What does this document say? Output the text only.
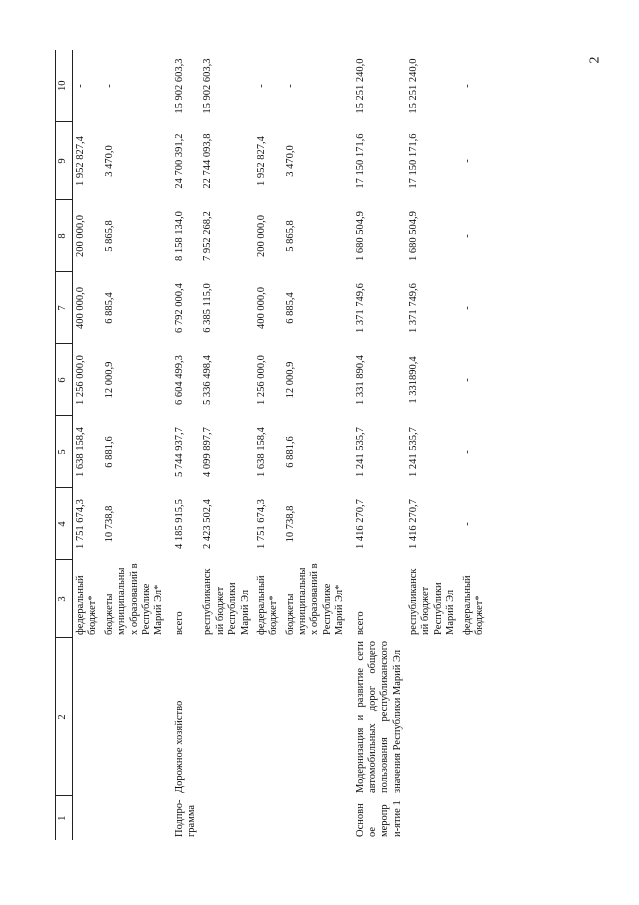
2
1	2	3	4	5	6	7	8	9	10
		федеральный бюджет*	1 751 674,3	1 638 158,4	1 256 000,0	400 000,0	200 000,0	1 952 827,4	-
		бюджеты муниципальных образований в Республике Марий Эл*	10 738,8	6 881,6	12 000,9	6 885,4	5 865,8	3 470,0	-
Подпро-грамма	Дорожное хозяйство	всего	4 185 915,5	5 744 937,7	6 604 499,3	6 792 000,4	8 158 134,0	24 700 391,2	15 902 603,3
		республиканский бюджет Республики Марий Эл	2 423 502,4	4 099 897,7	5 336 498,4	6 385 115,0	7 952 268,2	22 744 093,8	15 902 603,3
		федеральный бюджет*	1 751 674,3	1 638 158,4	1 256 000,0	400 000,0	200 000,0	1 952 827,4	-
		бюджеты муниципальных образований в Республике Марий Эл*	10 738,8	6 881,6	12 000,9	6 885,4	5 865,8	3 470,0	-
Основное меропри-ятие 1	Модернизация и развитие сети автомобильных дорог общего пользования республиканского значения Республики Марий Эл	всего	1 416 270,7	1 241 535,7	1 331 890,4	1 371 749,6	1 680 504,9	17 150 171,6	15 251 240,0
		республиканский бюджет Республики Марий Эл	1 416 270,7	1 241 535,7	1 331890,4	1 371 749,6	1 680 504,9	17 150 171,6	15 251 240,0
		федеральный бюджет*	-	-	-	-	-	-	-
